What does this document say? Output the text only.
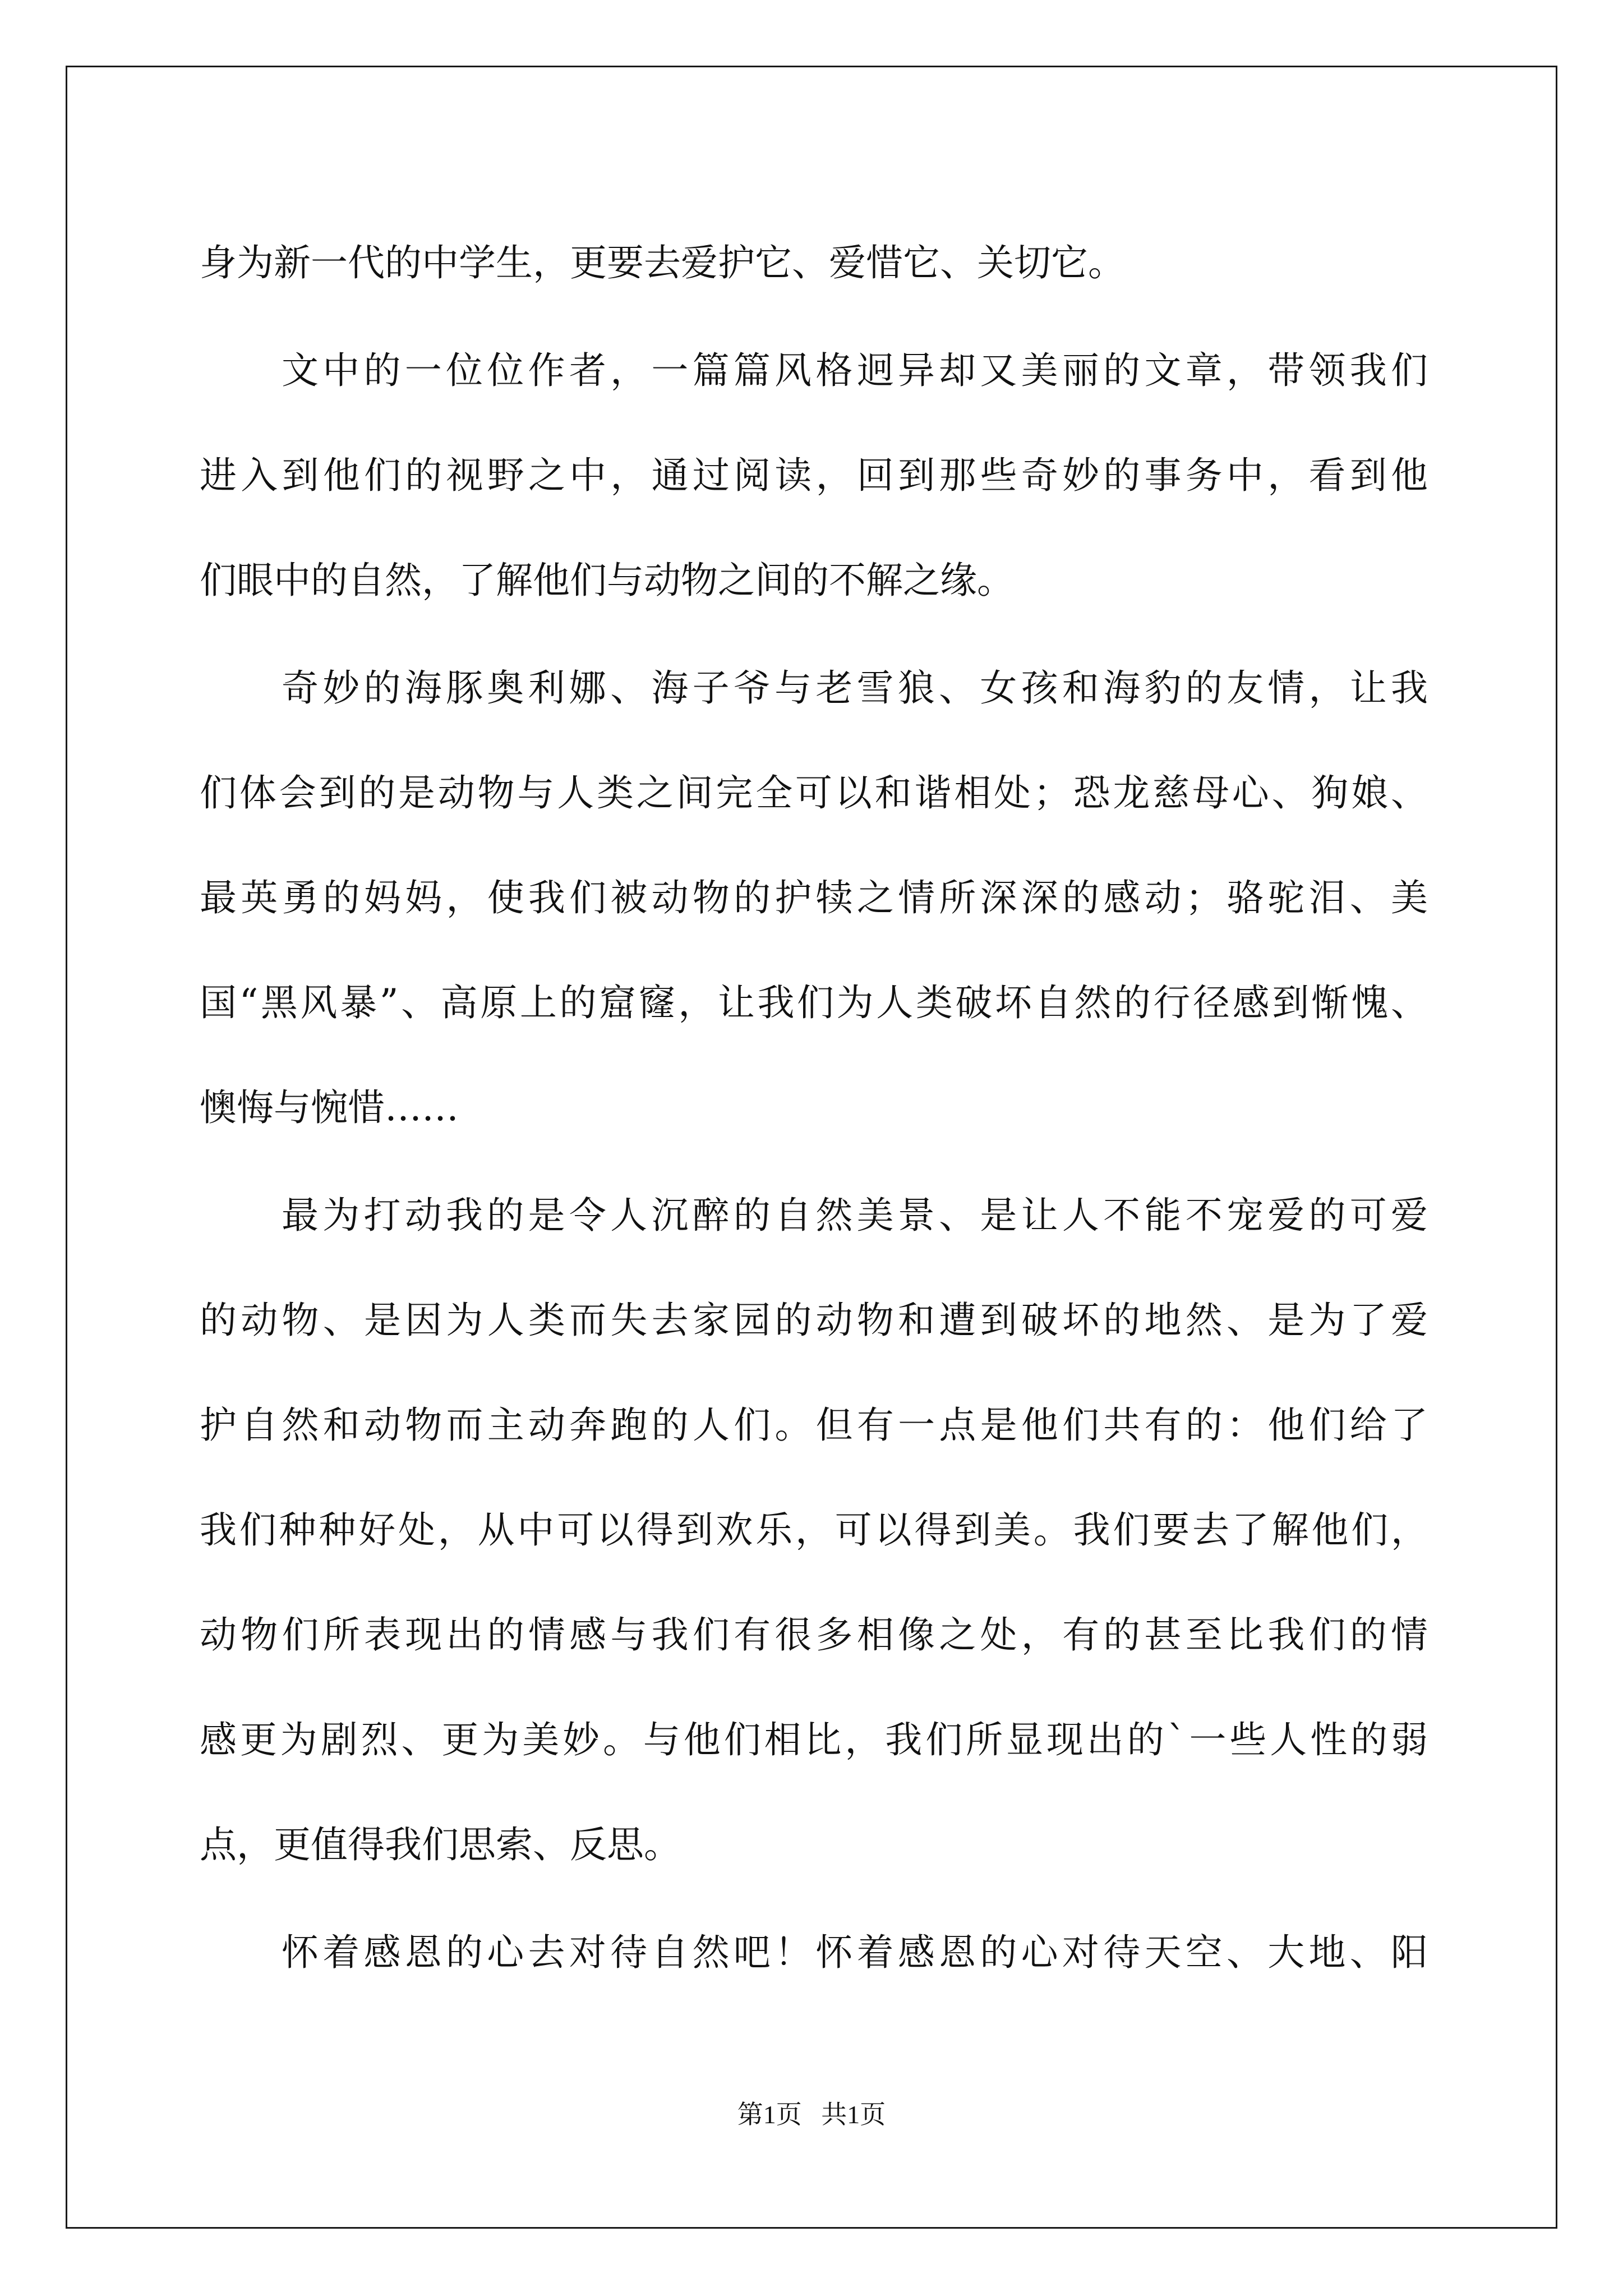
身为新一代的中学生，更要去爱护它、爱惜它、关切它。
文中的一位位作者，一篇篇风格迥异却又美丽的文章，带领我们
进入到他们的视野之中，通过阅读，回到那些奇妙的事务中，看到他
们眼中的自然，了解他们与动物之间的不解之缘。
奇妙的海豚奥利娜、海子爷与老雪狼、女孩和海豹的友情，让我
们体会到的是动物与人类之间完全可以和谐相处；恐龙慈母心、狗娘、
最英勇的妈妈，使我们被动物的护犊之情所深深的感动；骆驼泪、美
国“黑风暴”、高原上的窟窿，让我们为人类破坏自然的行径感到惭愧、
懊悔与惋惜……
最为打动我的是令人沉醉的自然美景、是让人不能不宠爱的可爱
的动物、是因为人类而失去家园的动物和遭到破坏的地然、是为了爱
护自然和动物而主动奔跑的人们。但有一点是他们共有的：他们给了
我们种种好处，从中可以得到欢乐，可以得到美。我们要去了解他们，
动物们所表现出的情感与我们有很多相像之处，有的甚至比我们的情
感更为剧烈、更为美妙。与他们相比，我们所显现出的`一些人性的弱
点，更值得我们思索、反思。
怀着感恩的心去对待自然吧！怀着感恩的心对待天空、大地、阳
第1页 共1页
